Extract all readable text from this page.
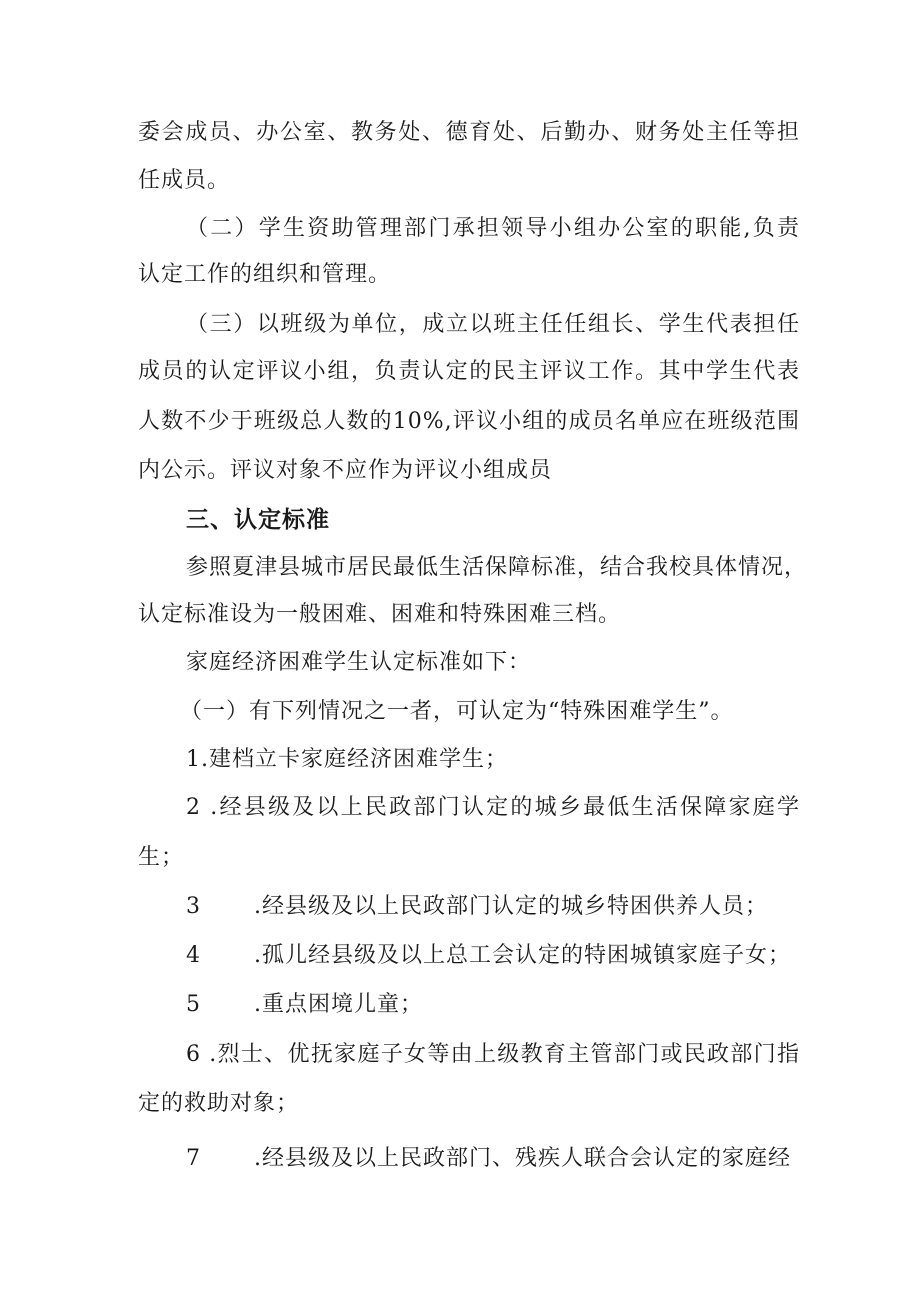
委会成员、办公室、教务处、德育处、后勤办、财务处主任等担
任成员。
（二）学生资助管理部门承担领导小组办公室的职能,负责
认定工作的组织和管理。
（三）以班级为单位，成立以班主任任组长、学生代表担任
成员的认定评议小组，负责认定的民主评议工作。其中学生代表
人数不少于班级总人数的10%,评议小组的成员名单应在班级范围
内公示。评议对象不应作为评议小组成员
三、认定标准
参照夏津县城市居民最低生活保障标准，结合我校具体情况，
认定标准设为一般困难、困难和特殊困难三档。
家庭经济困难学生认定标准如下：
（一）有下列情况之一者，可认定为“特殊困难学生”。
1.建档立卡家庭经济困难学生；
2 .经县级及以上民政部门认定的城乡最低生活保障家庭学
生；
3 .经县级及以上民政部门认定的城乡特困供养人员；
4 .孤儿经县级及以上总工会认定的特困城镇家庭子女；
5 .重点困境儿童；
6 .烈士、优抚家庭子女等由上级教育主管部门或民政部门指
定的救助对象；
7 .经县级及以上民政部门、残疾人联合会认定的家庭经
